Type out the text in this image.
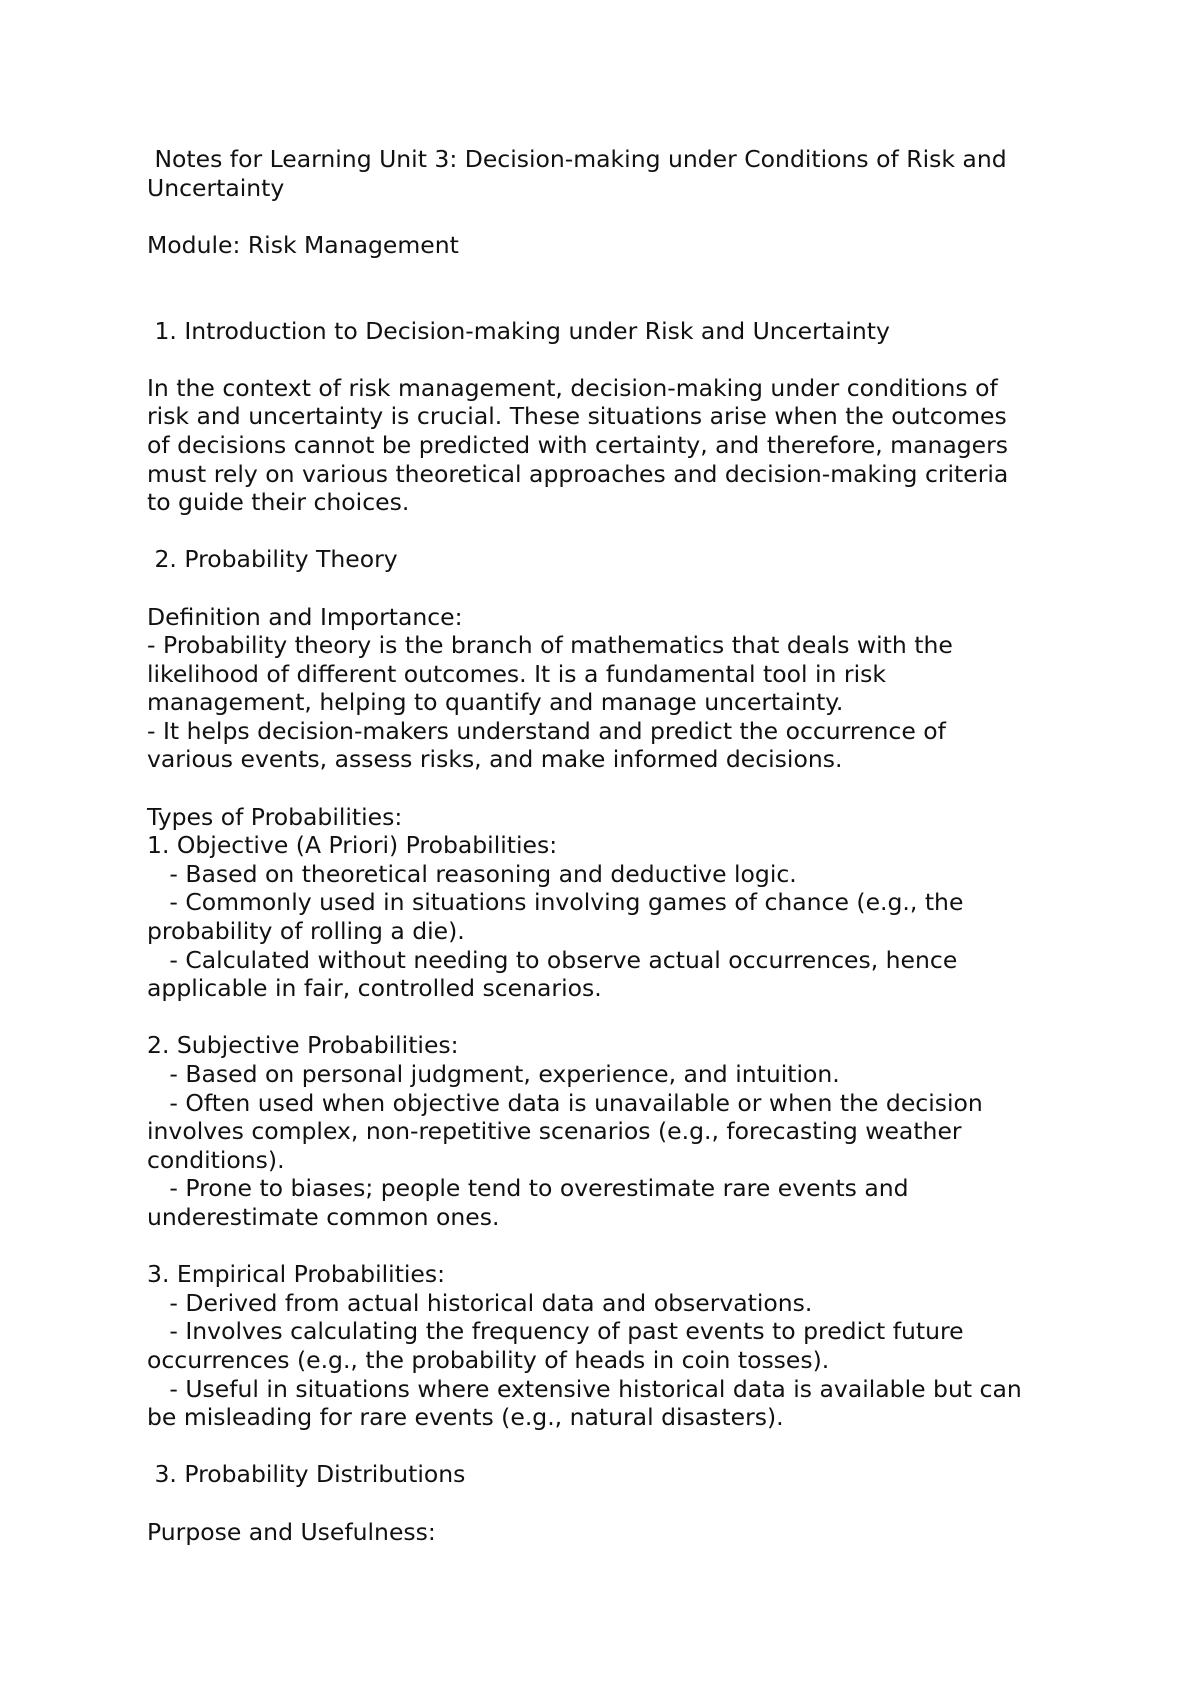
Notes for Learning Unit 3: Decision-making under Conditions of Risk and
Uncertainty
Module: Risk Management
1. Introduction to Decision-making under Risk and Uncertainty
In the context of risk management, decision-making under conditions of
risk and uncertainty is crucial. These situations arise when the outcomes
of decisions cannot be predicted with certainty, and therefore, managers
must rely on various theoretical approaches and decision-making criteria
to guide their choices.
2. Probability Theory
Definition and Importance:
- Probability theory is the branch of mathematics that deals with the
likelihood of different outcomes. It is a fundamental tool in risk
management, helping to quantify and manage uncertainty.
- It helps decision-makers understand and predict the occurrence of
various events, assess risks, and make informed decisions.
Types of Probabilities:
1. Objective (A Priori) Probabilities:
- Based on theoretical reasoning and deductive logic.
- Commonly used in situations involving games of chance (e.g., the
probability of rolling a die).
- Calculated without needing to observe actual occurrences, hence
applicable in fair, controlled scenarios.
2. Subjective Probabilities:
- Based on personal judgment, experience, and intuition.
- Often used when objective data is unavailable or when the decision
involves complex, non-repetitive scenarios (e.g., forecasting weather
conditions).
- Prone to biases; people tend to overestimate rare events and
underestimate common ones.
3. Empirical Probabilities:
- Derived from actual historical data and observations.
- Involves calculating the frequency of past events to predict future
occurrences (e.g., the probability of heads in coin tosses).
- Useful in situations where extensive historical data is available but can
be misleading for rare events (e.g., natural disasters).
3. Probability Distributions
Purpose and Usefulness:
